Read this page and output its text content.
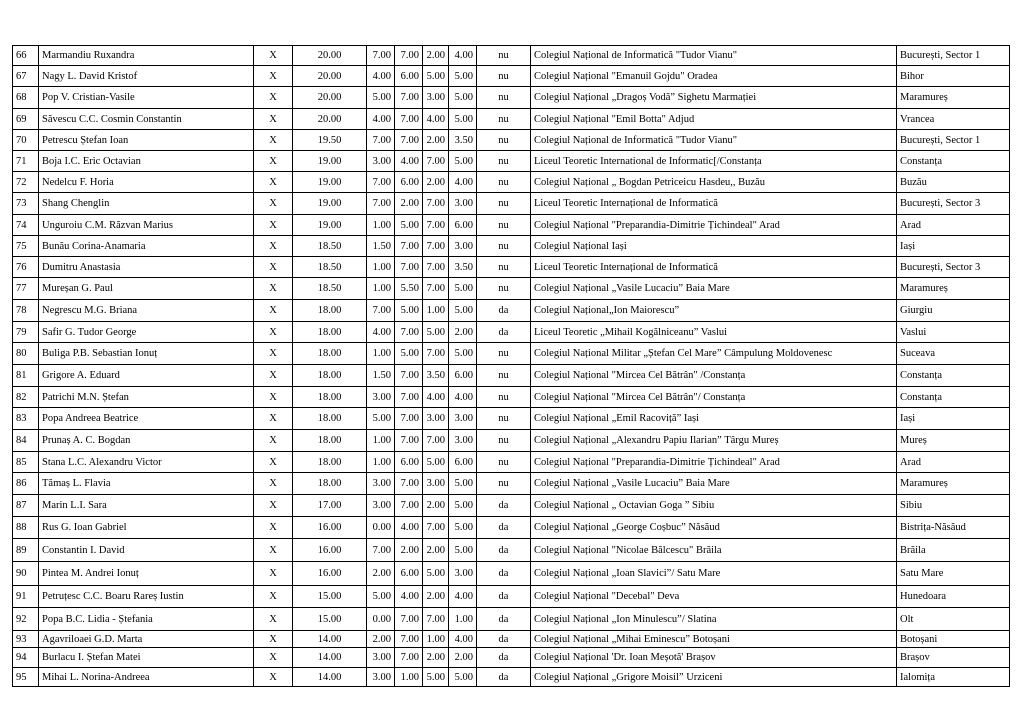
66	Marmandiu Ruxandra	X	20.00	7.00	7.00	2.00	4.00	nu	Colegiul Național de Informatică "Tudor Vianu"	București, Sector 1
67	Nagy L. David Kristof	X	20.00	4.00	6.00	5.00	5.00	nu	Colegiul Național "Emanuil Gojdu" Oradea	Bihor
68	Pop V. Cristian-Vasile	X	20.00	5.00	7.00	3.00	5.00	nu	Colegiul Național „Dragoș Vodă” Sighetu Marmației	Maramureș
69	Săvescu C.C. Cosmin Constantin	X	20.00	4.00	7.00	4.00	5.00	nu	Colegiul Național "Emil Botta" Adjud	Vrancea
70	Petrescu Ștefan Ioan	X	19.50	7.00	7.00	2.00	3.50	nu	Colegiul Național de Informatică "Tudor Vianu"	București, Sector 1
71	Boja I.C. Eric Octavian	X	19.00	3.00	4.00	7.00	5.00	nu	Liceul Teoretic International de Informatic[/Constanța	Constanța
72	Nedelcu F. Horia	X	19.00	7.00	6.00	2.00	4.00	nu	Colegiul Național „ Bogdan Petriceicu Hasdeu,, Buzău	Buzău
73	Shang Chenglin	X	19.00	7.00	2.00	7.00	3.00	nu	Liceul Teoretic Internațional de Informatică	București, Sector 3
74	Unguroiu C.M. Răzvan Marius	X	19.00	1.00	5.00	7.00	6.00	nu	Colegiul Național "Preparandia-Dimitrie Țichindeal" Arad	Arad
75	Bunău Corina-Anamaria	X	18.50	1.50	7.00	7.00	3.00	nu	Colegiul Național Iași	Iași
76	Dumitru Anastasia	X	18.50	1.00	7.00	7.00	3.50	nu	Liceul Teoretic Internațional de Informatică	București, Sector 3
77	Mureșan G. Paul	X	18.50	1.00	5.50	7.00	5.00	nu	Colegiul Național „Vasile Lucaciu” Baia Mare	Maramureș
78	Negrescu M.G. Briana	X	18.00	7.00	5.00	1.00	5.00	da	Colegiul Național„Ion Maiorescu”	Giurgiu
79	Safir G. Tudor George	X	18.00	4.00	7.00	5.00	2.00	da	Liceul Teoretic „Mihail Kogălniceanu” Vaslui	Vaslui
80	Buliga P.B. Sebastian Ionuț	X	18.00	1.00	5.00	7.00	5.00	nu	Colegiul Național Militar „Ștefan Cel Mare” Câmpulung Moldovenesc	Suceava
81	Grigore A. Eduard	X	18.00	1.50	7.00	3.50	6.00	nu	Colegiul Național "Mircea Cel Bătrân" /Constanța	Constanța
82	Patrichi M.N. Ștefan	X	18.00	3.00	7.00	4.00	4.00	nu	Colegiul Național "Mircea Cel Bătrân"/ Constanța	Constanța
83	Popa Andreea Beatrice	X	18.00	5.00	7.00	3.00	3.00	nu	Colegiul Național „Emil Racoviță” Iași	Iași
84	Prunaș A. C. Bogdan	X	18.00	1.00	7.00	7.00	3.00	nu	Colegiul Național „Alexandru Papiu Ilarian” Târgu Mureș	Mureș
85	Stana L.C. Alexandru Victor	X	18.00	1.00	6.00	5.00	6.00	nu	Colegiul Național "Preparandia-Dimitrie Țichindeal" Arad	Arad
86	Tămaș L. Flavia	X	18.00	3.00	7.00	3.00	5.00	nu	Colegiul Național „Vasile Lucaciu” Baia Mare	Maramureș
87	Marin L.I. Sara	X	17.00	3.00	7.00	2.00	5.00	da	Colegiul Național „ Octavian Goga ” Sibiu	Sibiu
88	Rus G. Ioan Gabriel	X	16.00	0.00	4.00	7.00	5.00	da	Colegiul Național „George Coșbuc” Năsăud	Bistrița-Năsăud
89	Constantin I. David	X	16.00	7.00	2.00	2.00	5.00	da	Colegiul Național "Nicolae Bălcescu" Brăila	Brăila
90	Pintea M. Andrei Ionuț	X	16.00	2.00	6.00	5.00	3.00	da	Colegiul Național „Ioan Slavici”/ Satu Mare	Satu Mare
91	Petruțesc C.C. Boaru Rareș Iustin	X	15.00	5.00	4.00	2.00	4.00	da	Colegiul Național "Decebal" Deva	Hunedoara
92	Popa B.C. Lidia - Ștefania	X	15.00	0.00	7.00	7.00	1.00	da	Colegiul Național „Ion Minulescu”/ Slatina	Olt
93	Agavriloaei G.D. Marta	X	14.00	2.00	7.00	1.00	4.00	da	Colegiul Național „Mihai Eminescu” Botoșani	Botoșani
94	Burlacu I. Ștefan Matei	X	14.00	3.00	7.00	2.00	2.00	da	Colegiul Național 'Dr. Ioan Meșotă' Brașov	Brașov
95	Mihai L. Norina-Andreea	X	14.00	3.00	1.00	5.00	5.00	da	Colegiul Național „Grigore Moisil” Urziceni	Ialomița
